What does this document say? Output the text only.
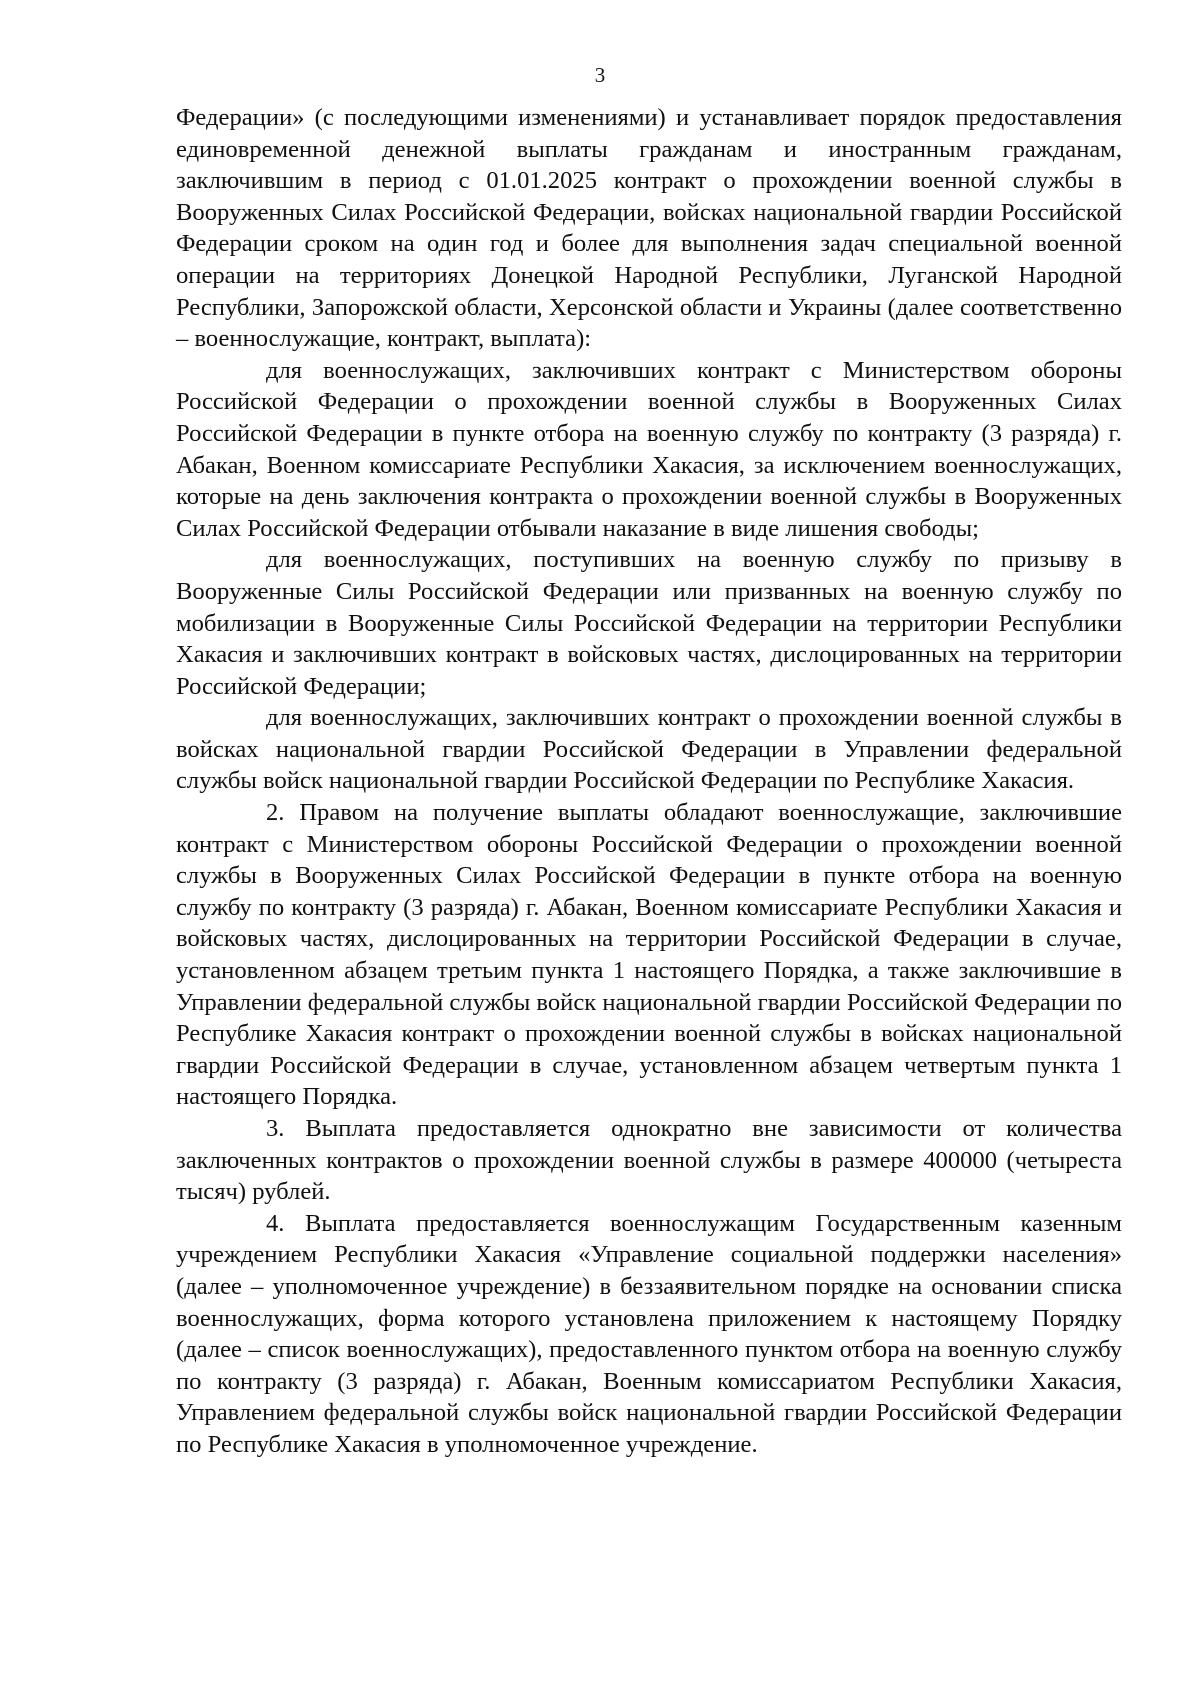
3

Федерации» (с последующими изменениями) и устанавливает порядок предоставления единовременной денежной выплаты гражданам и иностранным гражданам, заключившим в период с 01.01.2025 контракт о прохождении военной службы в Вооруженных Силах Российской Федерации, войсках национальной гвардии Российской Федерации сроком на один год и более для выполнения задач специальной военной операции на территориях Донецкой Народной Республики, Луганской Народной Республики, Запорожской области, Херсонской области и Украины (далее соответственно – военнослужащие, контракт, выплата):

для военнослужащих, заключивших контракт с Министерством обороны Российской Федерации о прохождении военной службы в Вооруженных Силах Российской Федерации в пункте отбора на военную службу по контракту (3 разряда) г. Абакан, Военном комиссариате Республики Хакасия, за исключением военнослужащих, которые на день заключения контракта о прохождении военной службы в Вооруженных Силах Российской Федерации отбывали наказание в виде лишения свободы;

для военнослужащих, поступивших на военную службу по призыву в Вооруженные Силы Российской Федерации или призванных на военную службу по мобилизации в Вооруженные Силы Российской Федерации на территории Республики Хакасия и заключивших контракт в войсковых частях, дислоцированных на территории Российской Федерации;

для военнослужащих, заключивших контракт о прохождении военной службы в войсках национальной гвардии Российской Федерации в Управлении федеральной службы войск национальной гвардии Российской Федерации по Республике Хакасия.

2. Правом на получение выплаты обладают военнослужащие, заключившие контракт с Министерством обороны Российской Федерации о прохождении военной службы в Вооруженных Силах Российской Федерации в пункте отбора на военную службу по контракту (3 разряда) г. Абакан, Военном комиссариате Республики Хакасия и войсковых частях, дислоцированных на территории Российской Федерации в случае, установленном абзацем третьим пункта 1 настоящего Порядка, а также заключившие в Управлении федеральной службы войск национальной гвардии Российской Федерации по Республике Хакасия контракт о прохождении военной службы в войсках национальной гвардии Российской Федерации в случае, установленном абзацем четвертым пункта 1 настоящего Порядка.

3. Выплата предоставляется однократно вне зависимости от количества заключенных контрактов о прохождении военной службы в размере 400000 (четыреста тысяч) рублей.

4. Выплата предоставляется военнослужащим Государственным казенным учреждением Республики Хакасия «Управление социальной поддержки населения» (далее – уполномоченное учреждение) в беззаявительном порядке на основании списка военнослужащих, форма которого установлена приложением к настоящему Порядку (далее – список военнослужащих), предоставленного пунктом отбора на военную службу по контракту (3 разряда) г. Абакан, Военным комиссариатом Республики Хакасия, Управлением федеральной службы войск национальной гвардии Российской Федерации по Республике Хакасия в уполномоченное учреждение.
